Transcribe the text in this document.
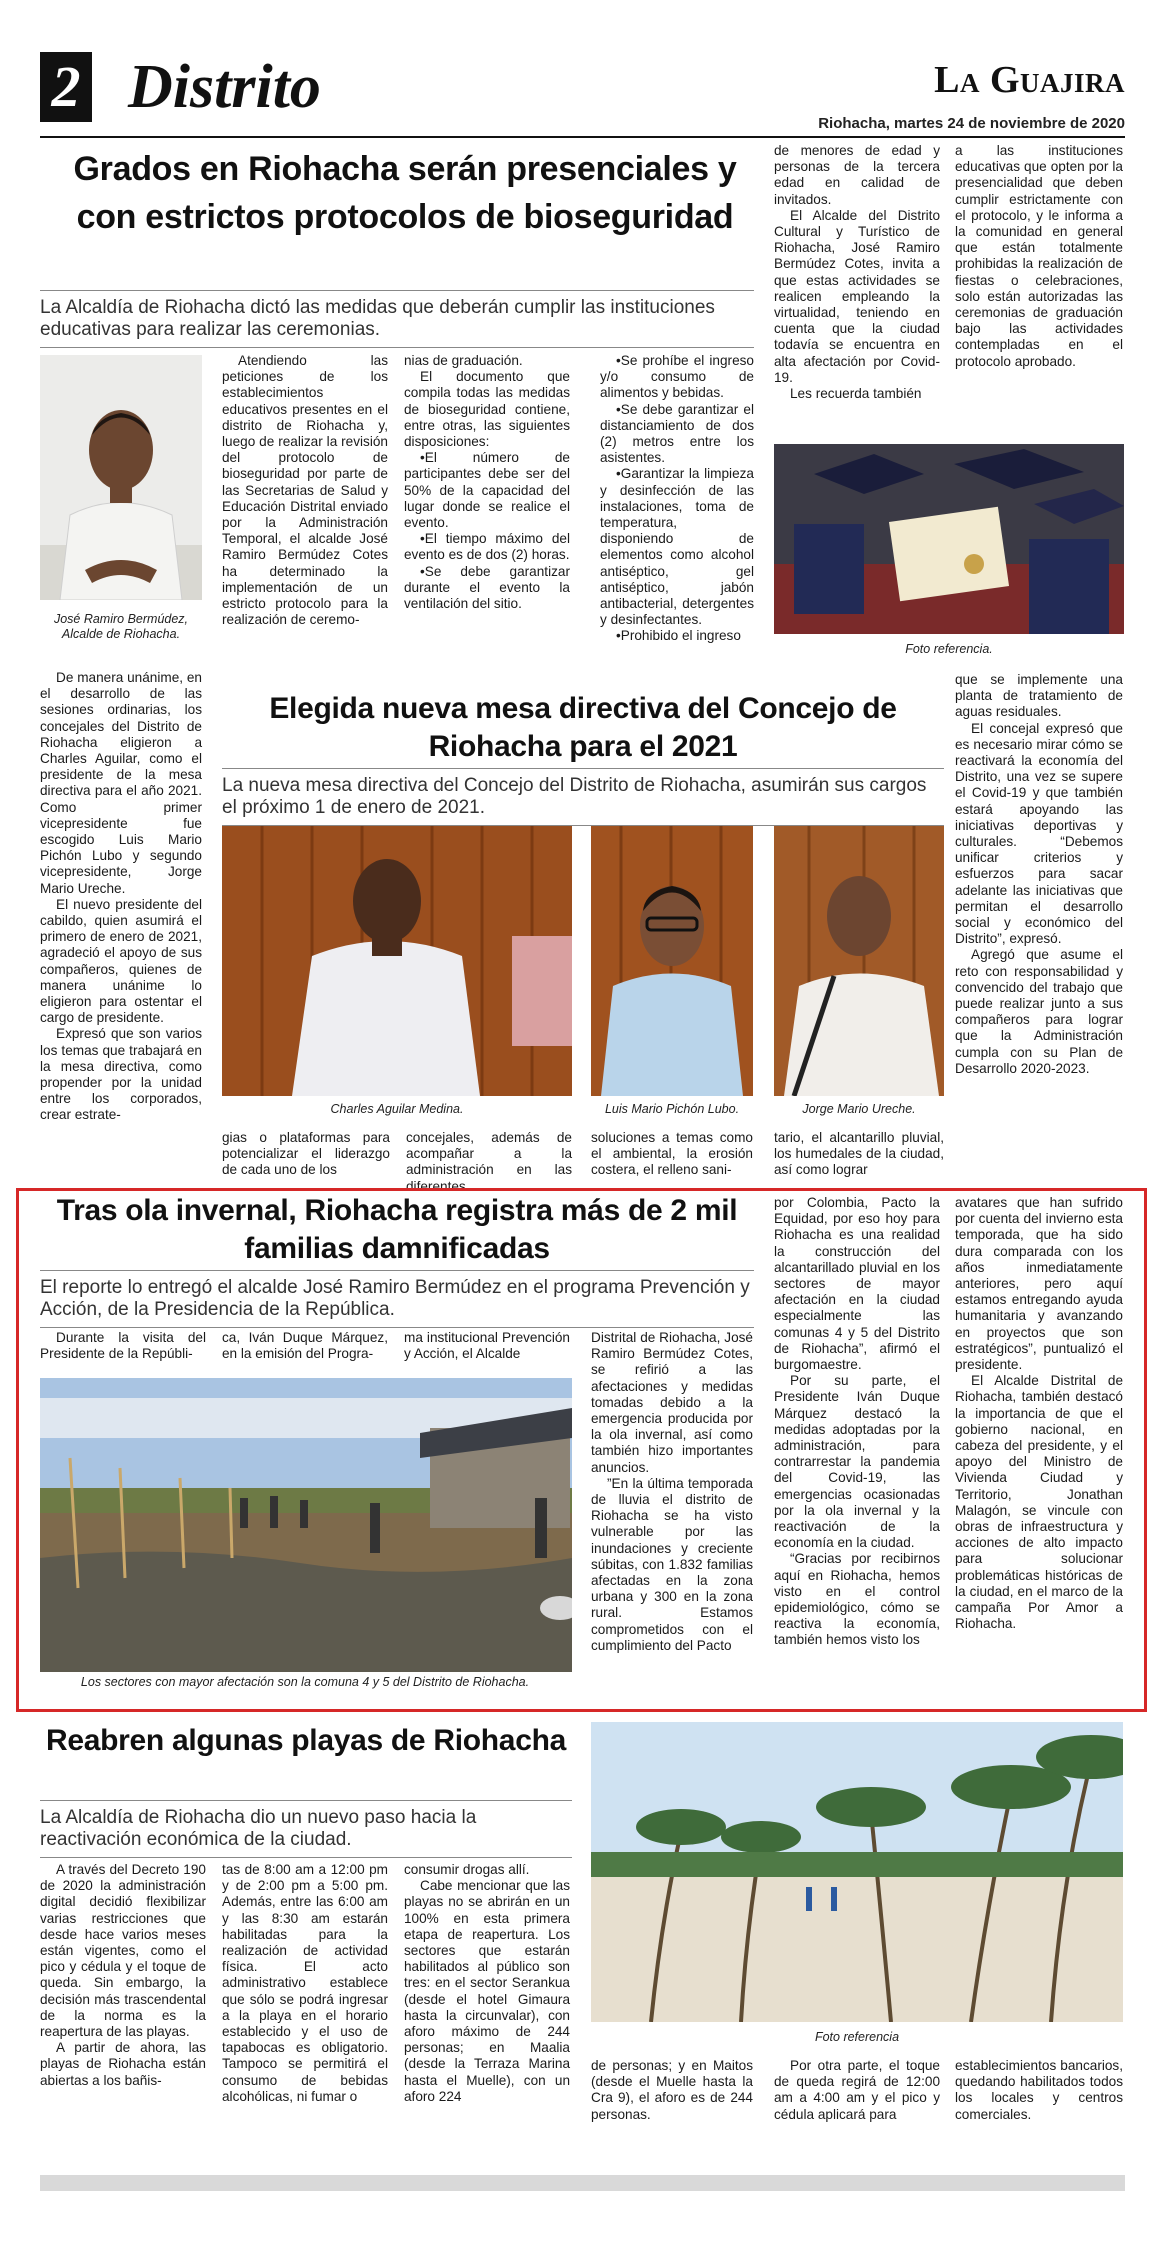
2 Distrito	La Guajira
Riohacha, martes 24 de noviembre de 2020
Grados en Riohacha serán presenciales y con estrictos protocolos de bioseguridad
La Alcaldía de Riohacha dictó las medidas que deberán cumplir las instituciones educativas para realizar las ceremonias.
José Ramiro Bermúdez, Alcalde de Riohacha.

Atendiendo las peticiones de los establecimientos educativos presentes en el distrito de Riohacha y, luego de realizar la revisión del protocolo de bioseguridad por parte de las Secretarias de Salud y Educación Distrital enviado por la Administración Temporal, el alcalde José Ramiro Bermúdez Cotes ha determinado la implementación de un estricto protocolo para la realización de ceremo-

nias de graduación.

El documento que compila todas las medidas de bioseguridad contiene, entre otras, las siguientes disposiciones:

•El número de participantes debe ser del 50% de la capacidad del lugar donde se realice el evento.

•El tiempo máximo del evento es de dos (2) horas.

•Se debe garantizar durante el evento la ventilación del sitio.

•Se prohíbe el ingreso y/o consumo de alimentos y bebidas.

•Se debe garantizar el distanciamiento de dos (2) metros entre los asistentes.

•Garantizar la limpieza y desinfección de las instalaciones, toma de temperatura, disponiendo de elementos como alcohol antiséptico, gel antiséptico, jabón antibacterial, detergentes y desinfectantes.

•Prohibido el ingreso

de menores de edad y personas de la tercera edad en calidad de invitados.

El Alcalde del Distrito Cultural y Turístico de Riohacha, José Ramiro Bermúdez Cotes, invita a que estas actividades se realicen empleando la virtualidad, teniendo en cuenta que la ciudad todavía se encuentra en alta afectación por Covid-19.

Les recuerda también

a las instituciones educativas que opten por la presencialidad que deben cumplir estrictamente con el protocolo, y le informa a la comunidad en general que están totalmente prohibidas la realización de fiestas o celebraciones, solo están autorizadas las ceremonias de graduación bajo las actividades contempladas en el protocolo aprobado.

Foto referencia.

De manera unánime, en el desarrollo de las sesiones ordinarias, los concejales del Distrito de Riohacha eligieron a Charles Aguilar, como el presidente de la mesa directiva para el año 2021. Como primer vicepresidente fue escogido Luis Mario Pichón Lubo y segundo vicepresidente, Jorge Mario Ureche.

El nuevo presidente del cabildo, quien asumirá el primero de enero de 2021, agradeció el apoyo de sus compañeros, quienes de manera unánime lo eligieron para ostentar el cargo de presidente.

Expresó que son varios los temas que trabajará en la mesa directiva, como propender por la unidad entre los corporados, crear estrate-

Elegida nueva mesa directiva del Concejo de Riohacha para el 2021
La nueva mesa directiva del Concejo del Distrito de Riohacha, asumirán sus cargos el próximo 1 de enero de 2021.
Charles Aguilar Medina.	Luis Mario Pichón Lubo.	Jorge Mario Ureche.

gias o plataformas para potencializar el liderazgo de cada uno de los

concejales, además de acompañar a la administración en las diferentes

soluciones a temas como el ambiental, la erosión costera, el relleno sani-

tario, el alcantarillo pluvial, los humedales de la ciudad, así como lograr

que se implemente una planta de tratamiento de aguas residuales.

El concejal expresó que es necesario mirar cómo se reactivará la economía del Distrito, una vez se supere el Covid-19 y que también estará apoyando las iniciativas deportivas y culturales. “Debemos unificar criterios y esfuerzos para sacar adelante las iniciativas que permitan el desarrollo social y económico del Distrito”, expresó.

Agregó que asume el reto con responsabilidad y convencido del trabajo que puede realizar junto a sus compañeros para lograr que la Administración cumpla con su Plan de Desarrollo 2020-2023.

Tras ola invernal, Riohacha registra más de 2 mil familias damnificadas
El reporte lo entregó el alcalde José Ramiro Bermúdez en el programa Prevención y Acción, de la Presidencia de la República.

Durante la visita del Presidente de la Repúbli-

ca, Iván Duque Márquez, en la emisión del Progra-

ma institucional Prevención y Acción, el Alcalde

Los sectores con mayor afectación son la comuna 4 y 5 del Distrito de Riohacha.

Distrital de Riohacha, José Ramiro Bermúdez Cotes, se refirió a las afectaciones y medidas tomadas debido a la emergencia producida por la ola invernal, así como también hizo importantes anuncios.

”En la última temporada de lluvia el distrito de Riohacha se ha visto vulnerable por las inundaciones y creciente súbitas, con 1.832 familias afectadas en la zona urbana y 300 en la zona rural. Estamos comprometidos con el cumplimiento del Pacto

por Colombia, Pacto la Equidad, por eso hoy para Riohacha es una realidad la construcción del alcantarillado pluvial en los sectores de mayor afectación en la ciudad especialmente las comunas 4 y 5 del Distrito de Riohacha”, afirmó el burgomaestre.

Por su parte, el Presidente Iván Duque Márquez destacó la medidas adoptadas por la administración, para contrarrestar la pandemia del Covid-19, las emergencias ocasionadas por la ola invernal y la reactivación de la economía en la ciudad.

“Gracias por recibirnos aquí en Riohacha, hemos visto en el control epidemiológico, cómo se reactiva la economía, también hemos visto los

avatares que han sufrido por cuenta del invierno esta temporada, que ha sido dura comparada con los años inmediatamente anteriores, pero aquí estamos entregando ayuda humanitaria y avanzando en proyectos que son estratégicos”, puntualizó el presidente.

El Alcalde Distrital de Riohacha, también destacó la importancia de que el gobierno nacional, en cabeza del presidente, y el apoyo del Ministro de Vivienda Ciudad y Territorio, Jonathan Malagón, se vincule con obras de infraestructura y acciones de alto impacto para solucionar problemáticas históricas de la ciudad, en el marco de la campaña Por Amor a Riohacha.

Reabren algunas playas de Riohacha
La Alcaldía de Riohacha dio un nuevo paso hacia la reactivación económica de la ciudad.

A través del Decreto 190 de 2020 la administración digital decidió flexibilizar varias restricciones que desde hace varios meses están vigentes, como el pico y cédula y el toque de queda. Sin embargo, la decisión más trascendental de la norma es la reapertura de las playas.

A partir de ahora, las playas de Riohacha están abiertas a los bañis-

tas de 8:00 am a 12:00 pm y de 2:00 pm a 5:00 pm. Además, entre las 6:00 am y las 8:30 am estarán habilitadas para la realización de actividad física. El acto administrativo establece que sólo se podrá ingresar a la playa en el horario establecido y el uso de tapabocas es obligatorio. Tampoco se permitirá el consumo de bebidas alcohólicas, ni fumar o

consumir drogas allí.

Cabe mencionar que las playas no se abrirán en un 100% en esta primera etapa de reapertura. Los sectores que estarán habilitados al público son tres: en el sector Serankua (desde el hotel Gimaura hasta la circunvalar), con aforo máximo de 244 personas; en Maalia (desde la Terraza Marina hasta el Muelle), con un aforo 224

Foto referencia

de personas; y en Maitos (desde el Muelle hasta la Cra 9), el aforo es de 244 personas.

Por otra parte, el toque de queda regirá de 12:00 am a 4:00 am y el pico y cédula aplicará para

establecimientos bancarios, quedando habilitados todos los locales y centros comerciales.
